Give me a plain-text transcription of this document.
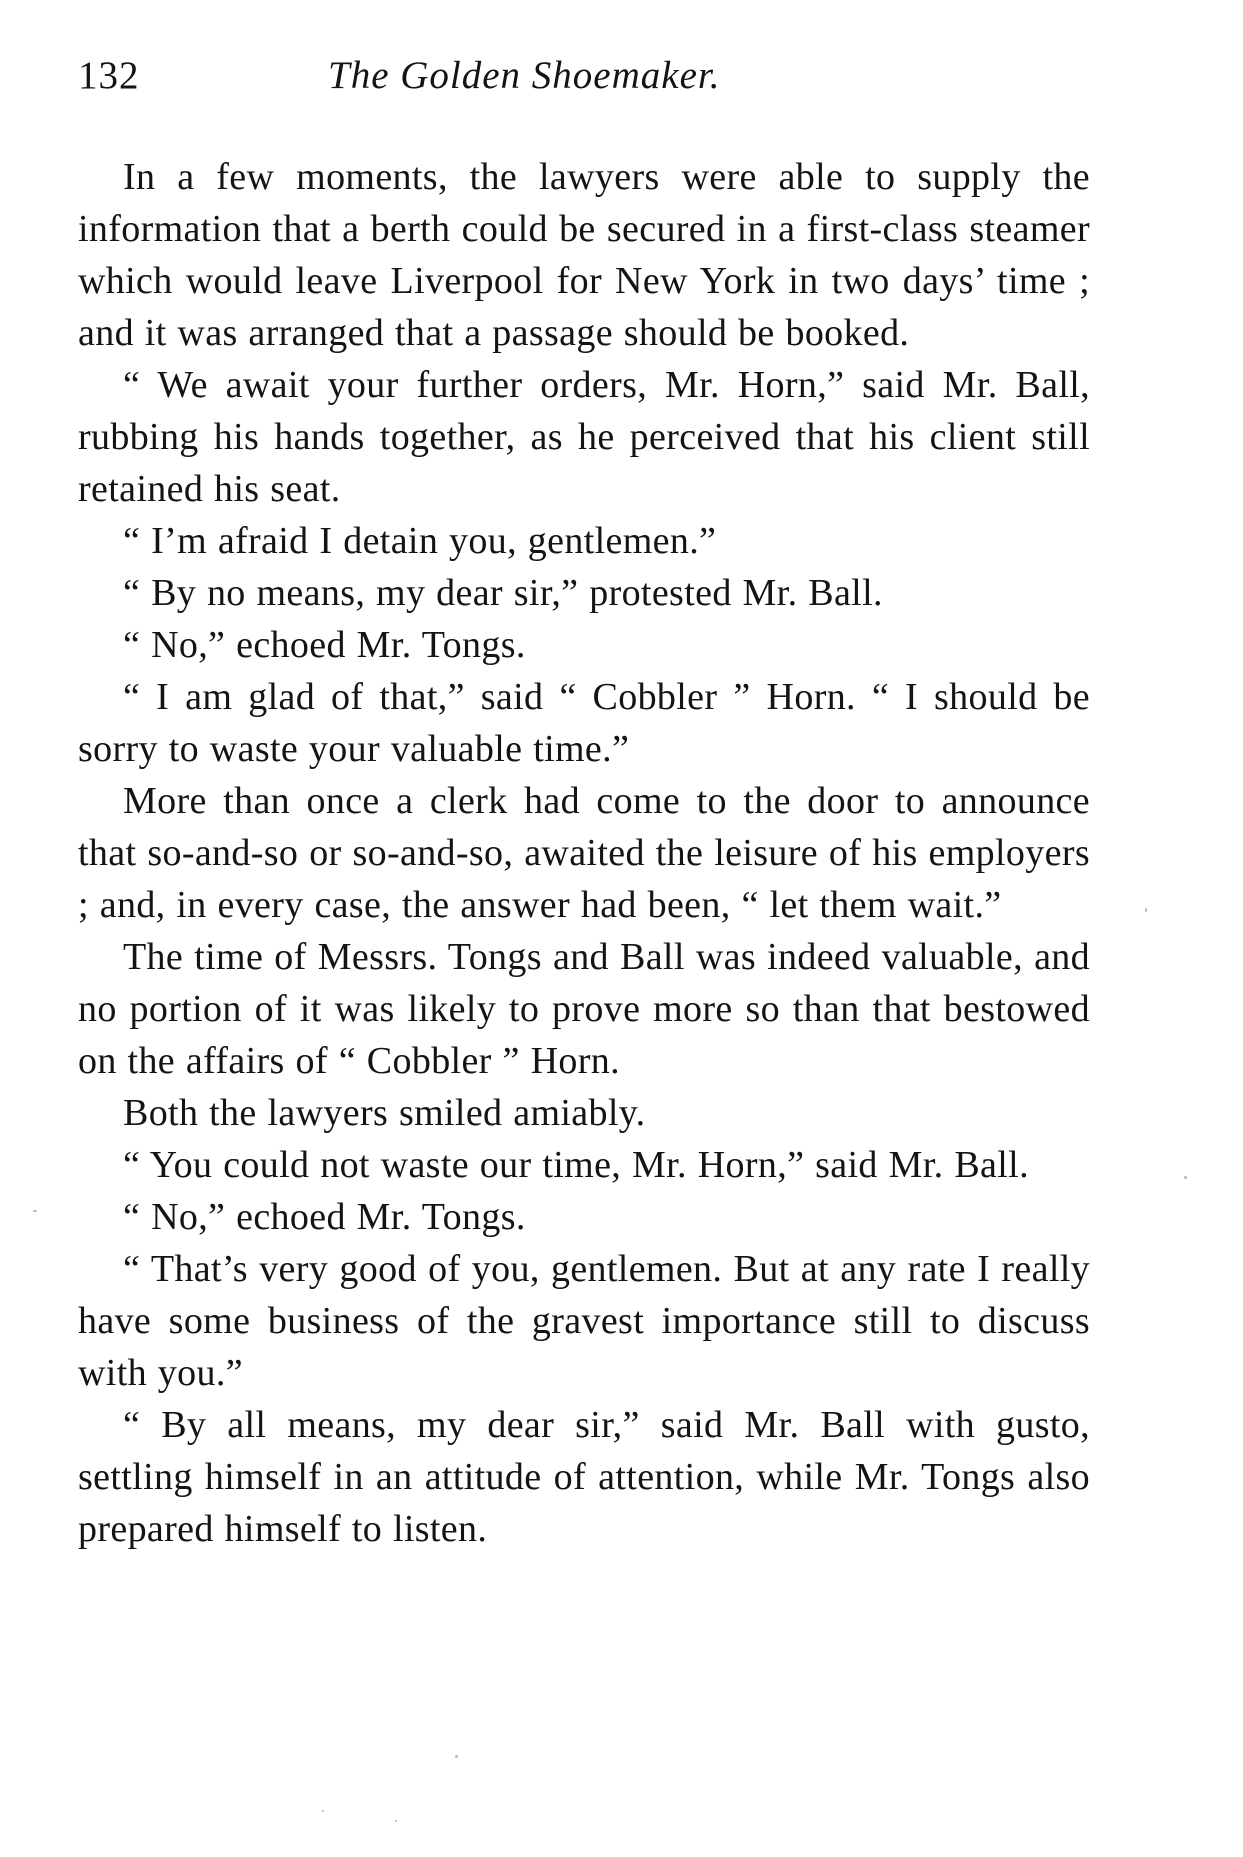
132	The Golden Shoemaker.

In a few moments, the lawyers were able to supply the information that a berth could be secured in a first-class steamer which would leave Liverpool for New York in two days’ time ; and it was arranged that a passage should be booked.

“ We await your further orders, Mr. Horn,” said Mr. Ball, rubbing his hands together, as he perceived that his client still retained his seat.

“ I’m afraid I detain you, gentlemen.”

“ By no means, my dear sir,” protested Mr. Ball.

“ No,” echoed Mr. Tongs.

“ I am glad of that,” said “ Cobbler ” Horn. “ I should be sorry to waste your valuable time.”

More than once a clerk had come to the door to announce that so-and-so or so-and-so, awaited the leisure of his employers ; and, in every case, the answer had been, “ let them wait.”

The time of Messrs. Tongs and Ball was indeed valuable, and no portion of it was likely to prove more so than that bestowed on the affairs of “ Cobbler ” Horn.

Both the lawyers smiled amiably.

“ You could not waste our time, Mr. Horn,” said Mr. Ball.

“ No,” echoed Mr. Tongs.

“ That’s very good of you, gentlemen. But at any rate I really have some business of the gravest importance still to discuss with you.”

“ By all means, my dear sir,” said Mr. Ball with gusto, settling himself in an attitude of attention, while Mr. Tongs also prepared himself to listen.
